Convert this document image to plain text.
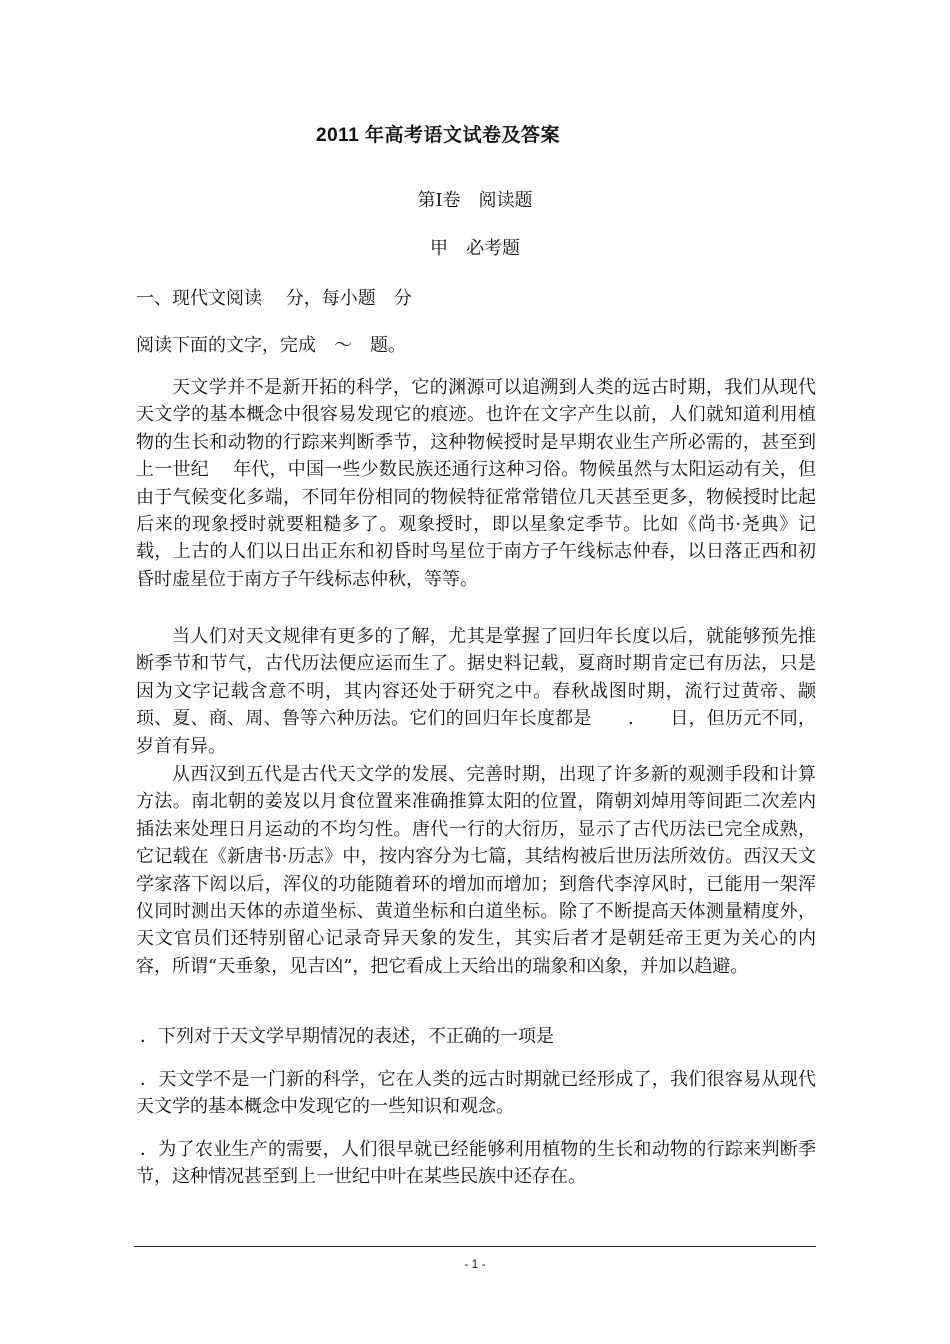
2011 年高考语文试卷及答案
第Ⅰ卷　阅读题
甲　必考题
一、现代文阅读　 分，每小题　分
阅读下面的文字，完成　～　题。
天文学并不是新开拓的科学，它的渊源可以追溯到人类的远古时期，我们从现代天文学的基本概念中很容易发现它的痕迹。也许在文字产生以前，人们就知道利用植物的生长和动物的行踪来判断季节，这种物候授时是早期农业生产所必需的，甚至到上一世纪　 年代，中国一些少数民族还通行这种习俗。物候虽然与太阳运动有关，但由于气候变化多端，不同年份相同的物候特征常常错位几天甚至更多，物候授时比起后来的现象授时就要粗糙多了。观象授时，即以星象定季节。比如《尚书·尧典》记载，上古的人们以日出正东和初昏时鸟星位于南方子午线标志仲春，以日落正西和初昏时虚星位于南方子午线标志仲秋，等等。
当人们对天文规律有更多的了解，尤其是掌握了回归年长度以后，就能够预先推断季节和节气，古代历法便应运而生了。据史料记载，夏商时期肯定已有历法，只是因为文字记载含意不明，其内容还处于研究之中。春秋战图时期，流行过黄帝、颛顼、夏、商、周、鲁等六种历法。它们的回归年长度都是　　.　　日，但历元不同，岁首有异。
从西汉到五代是古代天文学的发展、完善时期，出现了许多新的观测手段和计算方法。南北朝的姜岌以月食位置来准确推算太阳的位置，隋朝刘焯用等间距二次差内插法来处理日月运动的不均匀性。唐代一行的大衍历，显示了古代历法已完全成熟，它记载在《新唐书·历志》中，按内容分为七篇，其结构被后世历法所效仿。西汉天文学家落下闳以后，浑仪的功能随着环的增加而增加；到詹代李淳风时，已能用一架浑仪同时测出天体的赤道坐标、黄道坐标和白道坐标。除了不断提高天体测量精度外，天文官员们还特别留心记录奇异天象的发生，其实后者才是朝廷帝王更为关心的内容，所谓“天垂象，见吉凶”，把它看成上天给出的瑞象和凶象，并加以趋避。
．下列对于天文学早期情况的表述，不正确的一项是
．天文学不是一门新的科学，它在人类的远古时期就已经形成了，我们很容易从现代天文学的基本概念中发现它的一些知识和观念。
．为了农业生产的需要，人们很早就已经能够利用植物的生长和动物的行踪来判断季节，这种情况甚至到上一世纪中叶在某些民族中还存在。
- 1 -
